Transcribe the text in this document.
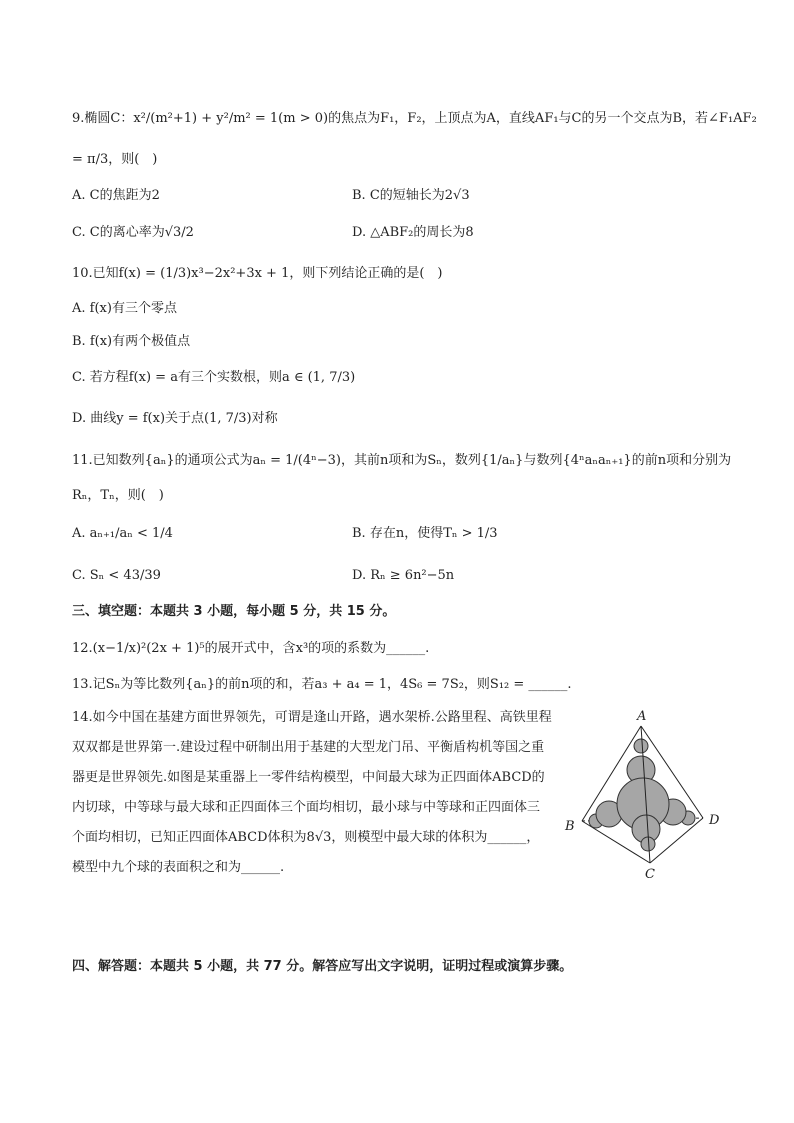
9.椭圆C：x²/(m²+1) + y²/m² = 1(m > 0)的焦点为F₁，F₂，上顶点为A，直线AF₁与C的另一个交点为B，若∠F₁AF₂
= π/3，则(　)
A. C的焦距为2	B. C的短轴长为2√3
C. C的离心率为√3/2	D. △ABF₂的周长为8
10.已知f(x) = (1/3)x³−2x²+3x + 1，则下列结论正确的是(　)
A. f(x)有三个零点
B. f(x)有两个极值点
C. 若方程f(x) = a有三个实数根，则a ∈ (1, 7/3)
D. 曲线y = f(x)关于点(1, 7/3)对称
11.已知数列{aₙ}的通项公式为aₙ = 1/(4ⁿ−3)，其前n项和为Sₙ，数列{1/aₙ}与数列{4ⁿaₙaₙ₊₁}的前n项和分别为
Rₙ，Tₙ，则(　)
A. aₙ₊₁/aₙ < 1/4	B. 存在n，使得Tₙ > 1/3
C. Sₙ < 43/39	D. Rₙ ≥ 6n²−5n
三、填空题：本题共 3 小题，每小题 5 分，共 15 分。
12.(x−1/x)²(2x + 1)⁵的展开式中，含x³的项的系数为______.
13.记Sₙ为等比数列{aₙ}的前n项的和，若a₃ + a₄ = 1，4S₆ = 7S₂，则S₁₂ = ______.
14.如今中国在基建方面世界领先，可谓是逢山开路，遇水架桥.公路里程、高铁里程双双都是世界第一.建设过程中研制出用于基建的大型龙门吊、平衡盾构机等国之重器更是世界领先.如图是某重器上一零件结构模型，中间最大球为正四面体ABCD的内切球，中等球与最大球和正四面体三个面均相切，最小球与中等球和正四面体三个面均相切，已知正四面体ABCD体积为8√3，则模型中最大球的体积为______，模型中九个球的表面积之和为______.
A
B
C
D
四、解答题：本题共 5 小题，共 77 分。解答应写出文字说明，证明过程或演算步骤。
